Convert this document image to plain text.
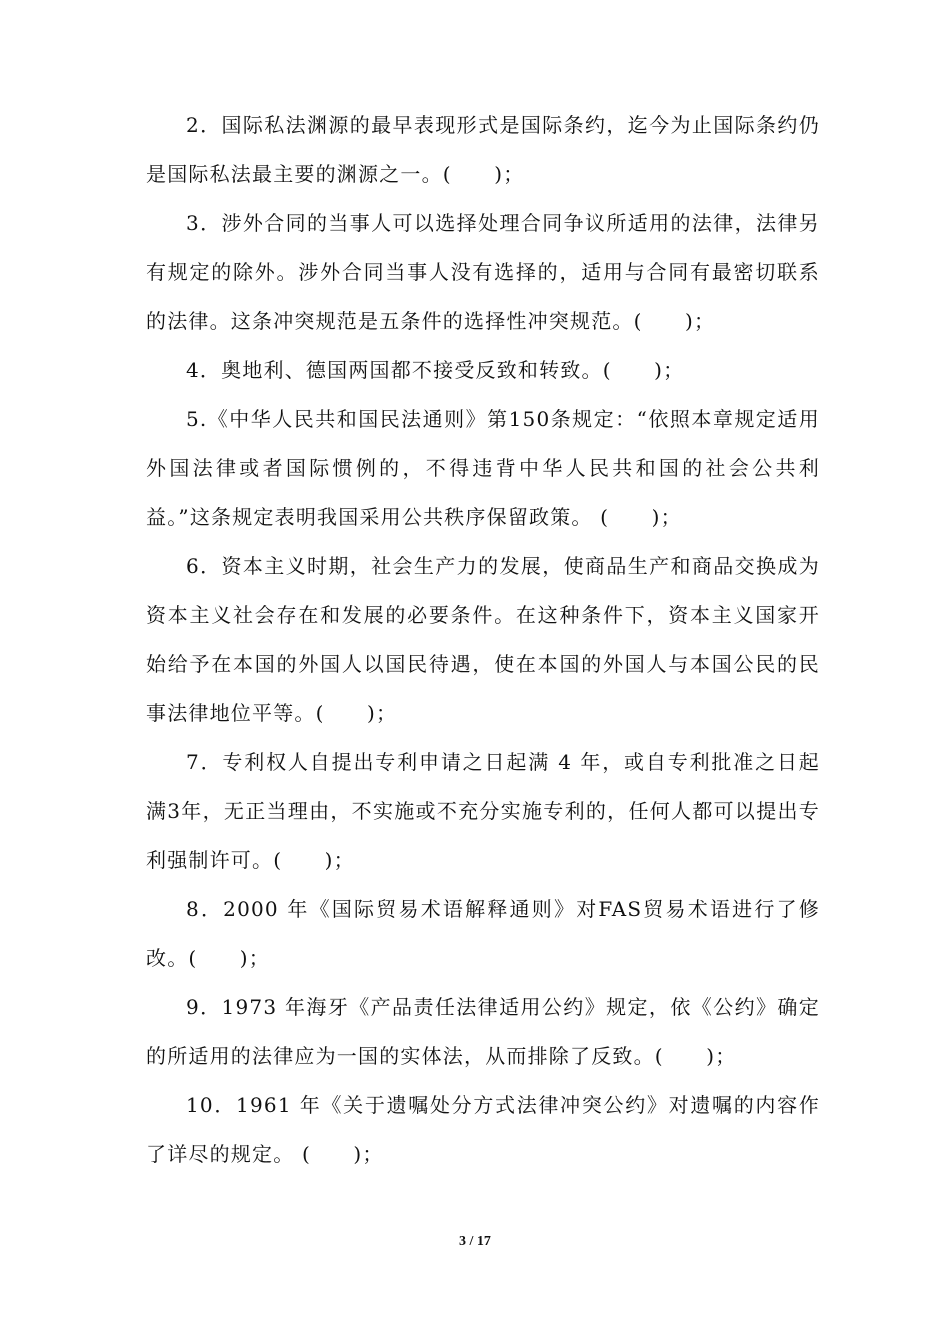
2．国际私法渊源的最早表现形式是国际条约，迄今为止国际条约仍是国际私法最主要的渊源之一。(　　)；

3．涉外合同的当事人可以选择处理合同争议所适用的法律，法律另有规定的除外。涉外合同当事人没有选择的，适用与合同有最密切联系的法律。这条冲突规范是五条件的选择性冲突规范。(　　)；

4．奥地利、德国两国都不接受反致和转致。(　　)；

5.《中华人民共和国民法通则》第150条规定：“依照本章规定适用外国法律或者国际惯例的，不得违背中华人民共和国的社会公共利益。”这条规定表明我国采用公共秩序保留政策。 (　　)；

6．资本主义时期，社会生产力的发展，使商品生产和商品交换成为资本主义社会存在和发展的必要条件。在这种条件下，资本主义国家开始给予在本国的外国人以国民待遇，使在本国的外国人与本国公民的民事法律地位平等。(　　)；

7．专利权人自提出专利申请之日起满 4 年，或自专利批准之日起满3年，无正当理由，不实施或不充分实施专利的，任何人都可以提出专利强制许可。(　　)；

8．2000 年《国际贸易术语解释通则》对FAS贸易术语进行了修改。(　　)；

9．1973 年海牙《产品责任法律适用公约》规定，依《公约》确定的所适用的法律应为一国的实体法，从而排除了反致。(　　)；

10．1961 年《关于遗嘱处分方式法律冲突公约》对遗嘱的内容作了详尽的规定。 (　　)；

3 / 17
